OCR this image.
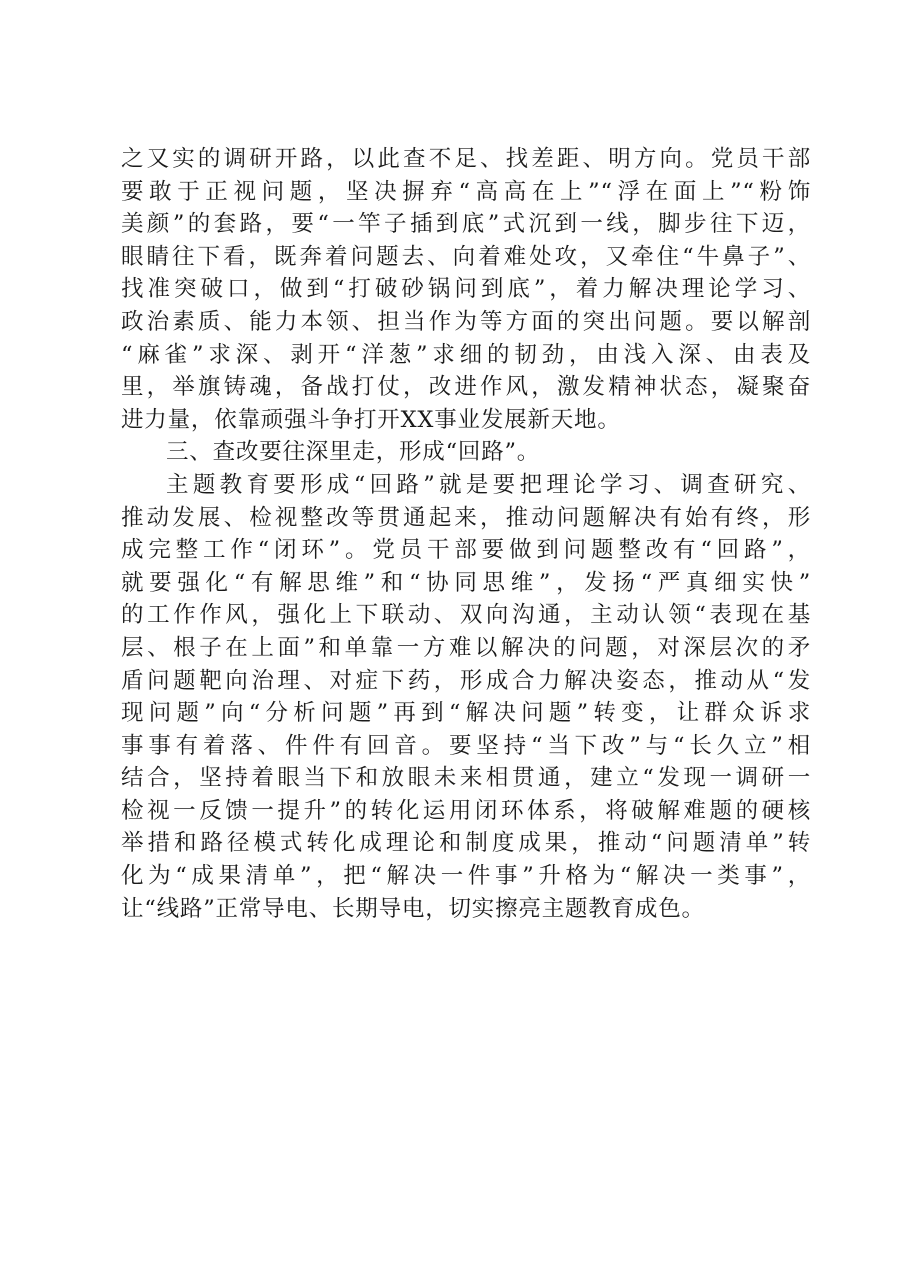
之又实的调研开路，以此查不足、找差距、明方向。党员干部
要敢于正视问题，坚决摒弃“高高在上”“浮在面上”“粉饰
美颜”的套路，要“一竿子插到底”式沉到一线，脚步往下迈，
眼睛往下看，既奔着问题去、向着难处攻，又牵住“牛鼻子”、
找准突破口，做到“打破砂锅问到底”，着力解决理论学习、
政治素质、能力本领、担当作为等方面的突出问题。要以解剖
“麻雀”求深、剥开“洋葱”求细的韧劲，由浅入深、由表及
里，举旗铸魂，备战打仗，改进作风，激发精神状态，凝聚奋
进力量，依靠顽强斗争打开XX事业发展新天地。
三、查改要往深里走，形成“回路”。
主题教育要形成“回路”就是要把理论学习、调查研究、
推动发展、检视整改等贯通起来，推动问题解决有始有终，形
成完整工作“闭环”。党员干部要做到问题整改有“回路”，
就要强化“有解思维”和“协同思维”，发扬“严真细实快”
的工作作风，强化上下联动、双向沟通，主动认领“表现在基
层、根子在上面”和单靠一方难以解决的问题，对深层次的矛
盾问题靶向治理、对症下药，形成合力解决姿态，推动从“发
现问题”向“分析问题”再到“解决问题”转变，让群众诉求
事事有着落、件件有回音。要坚持“当下改”与“长久立”相
结合，坚持着眼当下和放眼未来相贯通，建立“发现一调研一
检视一反馈一提升”的转化运用闭环体系，将破解难题的硬核
举措和路径模式转化成理论和制度成果，推动“问题清单”转
化为“成果清单”，把“解决一件事”升格为“解决一类事”，
让“线路”正常导电、长期导电，切实擦亮主题教育成色。
